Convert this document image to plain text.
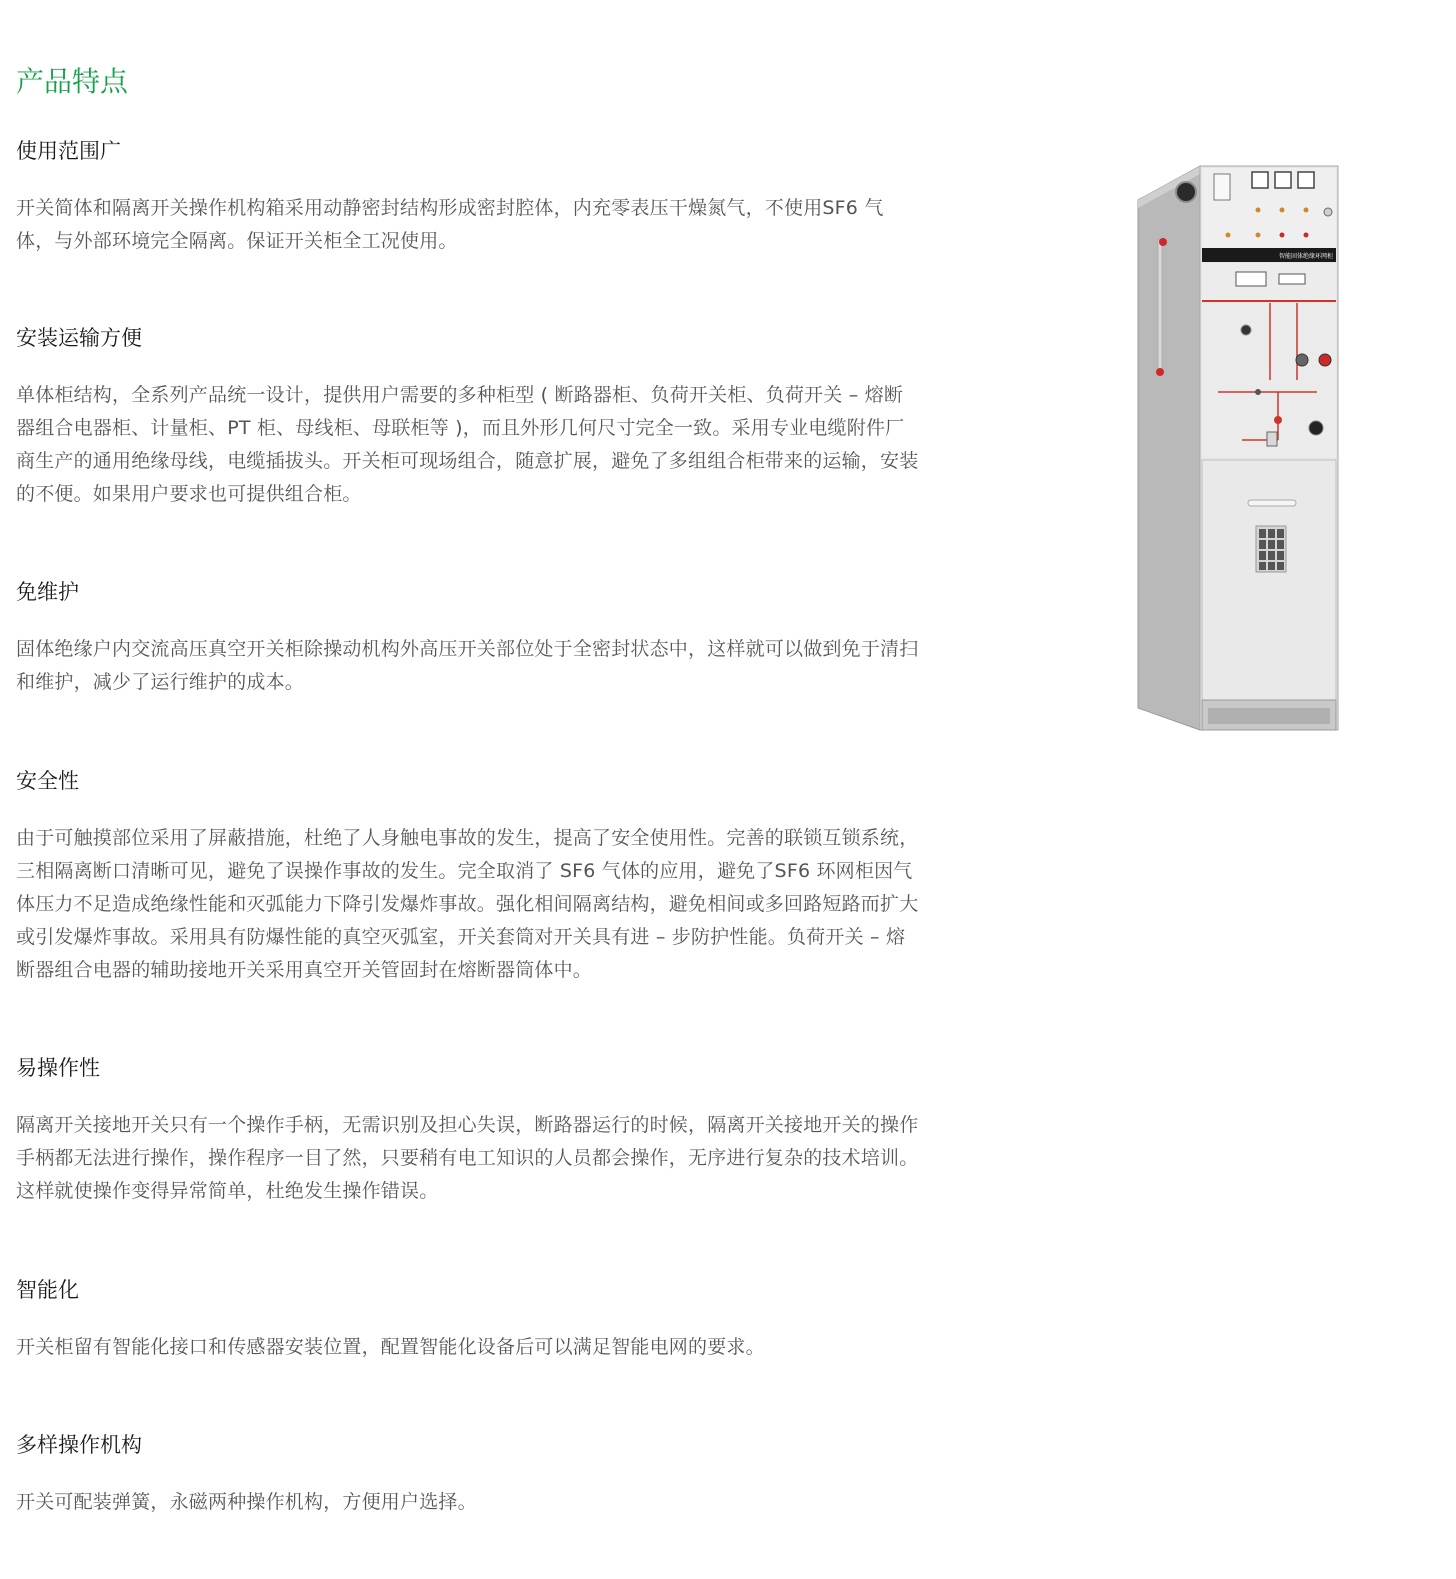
产品特点
使用范围广

开关简体和隔离开关操作机构箱采用动静密封结构形成密封腔体，内充零表压干燥氮气，不使用SF6 气体，与外部环境完全隔离。保证开关柜全工况使用。

安装运输方便

单体柜结构，全系列产品统一设计，提供用户需要的多种柜型 ( 断路器柜、负荷开关柜、负荷开关 – 熔断器组合电器柜、计量柜、PT 柜、母线柜、母联柜等 )，而且外形几何尺寸完全一致。采用专业电缆附件厂商生产的通用绝缘母线，电缆插拔头。开关柜可现场组合，随意扩展，避免了多组组合柜带来的运输，安装的不便。如果用户要求也可提供组合柜。

免维护

固体绝缘户内交流高压真空开关柜除操动机构外高压开关部位处于全密封状态中，这样就可以做到免于清扫和维护，减少了运行维护的成本。

安全性

由于可触摸部位采用了屏蔽措施，杜绝了人身触电事故的发生，提高了安全使用性。完善的联锁互锁系统，三相隔离断口清晰可见，避免了误操作事故的发生。完全取消了 SF6 气体的应用，避免了SF6 环网柜因气体压力不足造成绝缘性能和灭弧能力下降引发爆炸事故。强化相间隔离结构，避免相间或多回路短路而扩大或引发爆炸事故。采用具有防爆性能的真空灭弧室，开关套筒对开关具有进 – 步防护性能。负荷开关 – 熔断器组合电器的辅助接地开关采用真空开关管固封在熔断器筒体中。

易操作性

隔离开关接地开关只有一个操作手柄，无需识别及担心失误，断路器运行的时候，隔离开关接地开关的操作手柄都无法进行操作，操作程序一目了然，只要稍有电工知识的人员都会操作，无序进行复杂的技术培训。这样就使操作变得异常简单，杜绝发生操作错误。

智能化

开关柜留有智能化接口和传感器安装位置，配置智能化设备后可以满足智能电网的要求。

多样操作机构

开关可配装弹簧，永磁两种操作机构，方便用户选择。

智能固体绝缘环网柜
